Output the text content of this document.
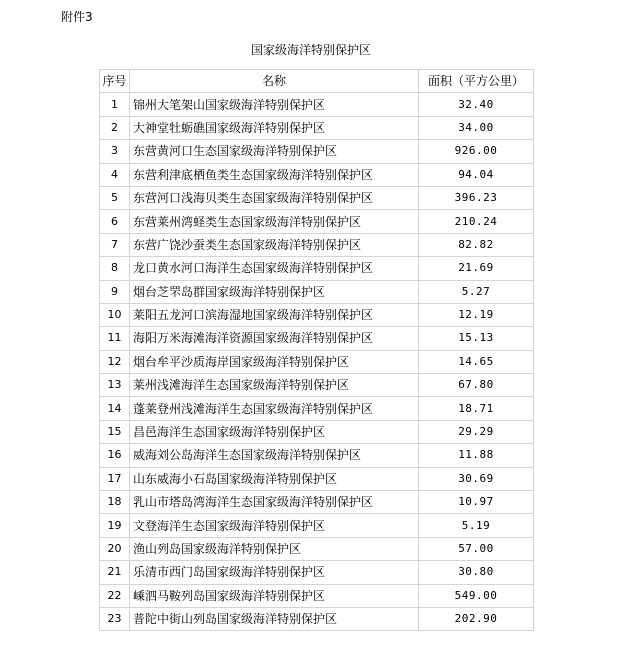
附件3
国家级海洋特别保护区
序号	名称	面积（平方公里）
1	锦州大笔架山国家级海洋特别保护区	32.40
2	大神堂牡蛎礁国家级海洋特别保护区	34.00
3	东营黄河口生态国家级海洋特别保护区	926.00
4	东营利津底栖鱼类生态国家级海洋特别保护区	94.04
5	东营河口浅海贝类生态国家级海洋特别保护区	396.23
6	东营莱州湾蛏类生态国家级海洋特别保护区	210.24
7	东营广饶沙蚕类生态国家级海洋特别保护区	82.82
8	龙口黄水河口海洋生态国家级海洋特别保护区	21.69
9	烟台芝罘岛群国家级海洋特别保护区	5.27
10	莱阳五龙河口滨海湿地国家级海洋特别保护区	12.19
11	海阳万米海滩海洋资源国家级海洋特别保护区	15.13
12	烟台牟平沙质海岸国家级海洋特别保护区	14.65
13	莱州浅滩海洋生态国家级海洋特别保护区	67.80
14	蓬莱登州浅滩海洋生态国家级海洋特别保护区	18.71
15	昌邑海洋生态国家级海洋特别保护区	29.29
16	威海刘公岛海洋生态国家级海洋特别保护区	11.88
17	山东威海小石岛国家级海洋特别保护区	30.69
18	乳山市塔岛湾海洋生态国家级海洋特别保护区	10.97
19	文登海洋生态国家级海洋特别保护区	5.19
20	渔山列岛国家级海洋特别保护区	57.00
21	乐清市西门岛国家级海洋特别保护区	30.80
22	嵊泗马鞍列岛国家级海洋特别保护区	549.00
23	普陀中街山列岛国家级海洋特别保护区	202.90
